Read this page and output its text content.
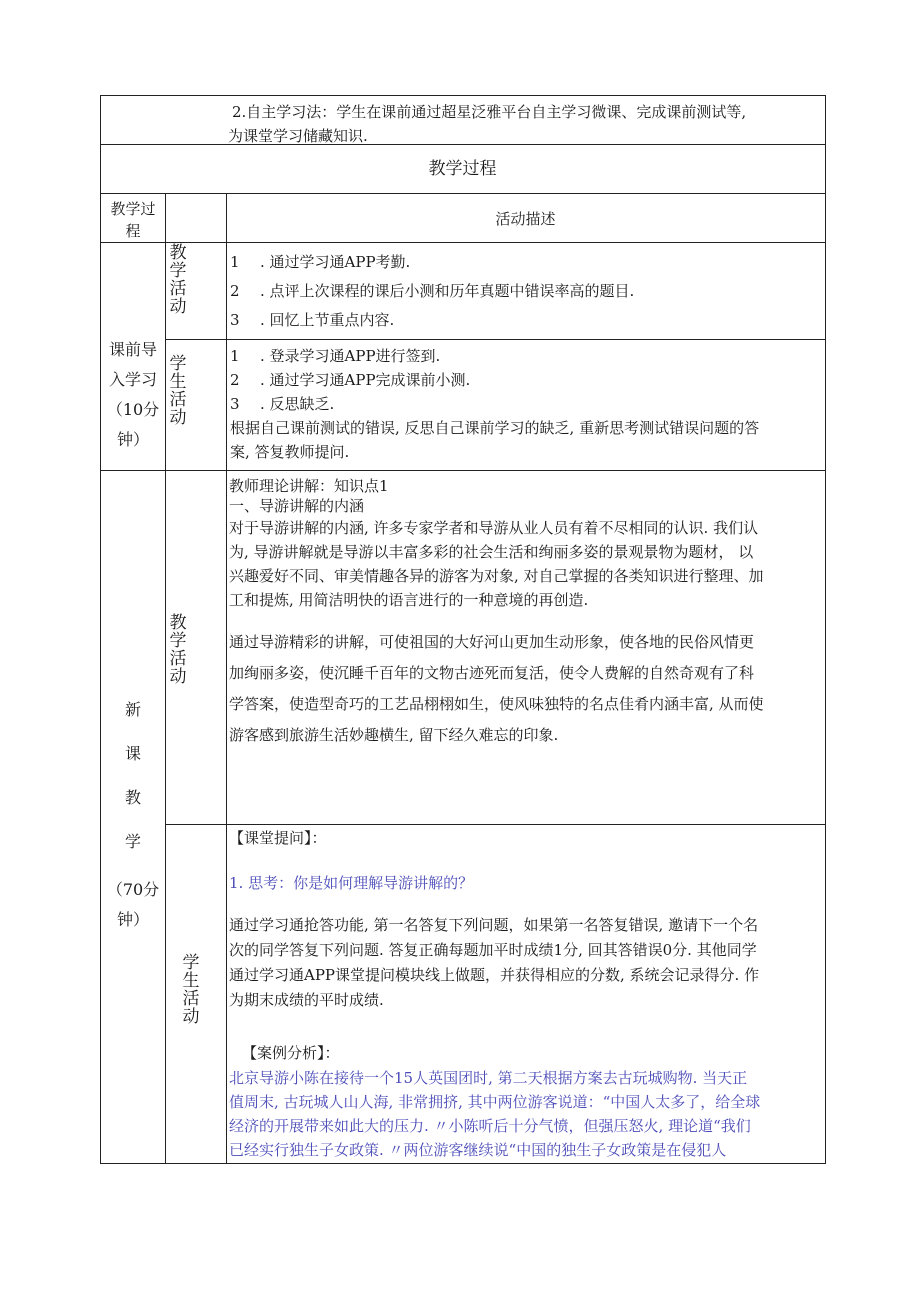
2.自主学习法：学生在课前通过超星泛雅平台自主学习微课、完成课前测试等,
为课堂学习储藏知识.
教学过程
教学过
程
活动描述
课前导
入学习
（10分
钟）
教
学
活
动
1 . 通过学习通APP考勤.
2 . 点评上次课程的课后小测和历年真题中错误率高的题目.
3 . 回忆上节重点内容.
学
生
活
动
1 . 登录学习通APP进行签到.
2 . 通过学习通APP完成课前小测.
3 . 反思缺乏.
根据自己课前测试的错误, 反思自己课前学习的缺乏, 重新思考测试错误问题的答
案, 答复教师提问.
新
课
教
学
（70分
钟）
教
学
活
动
教师理论讲解：知识点1
一、导游讲解的内涵
对于导游讲解的内涵, 许多专家学者和导游从业人员有着不尽相同的认识. 我们认
为, 导游讲解就是导游以丰富多彩的社会生活和绚丽多姿的景观景物为题材， 以
兴趣爱好不同、审美情趣各异的游客为对象, 对自己掌握的各类知识进行整理、加
工和提炼, 用简洁明快的语言进行的一种意境的再创造.
通过导游精彩的讲解，可使祖国的大好河山更加生动形象，使各地的民俗风情更
加绚丽多姿，使沉睡千百年的文物古迹死而复活，使令人费解的自然奇观有了科
学答案，使造型奇巧的工艺品栩栩如生，使风味独特的名点佳肴内涵丰富, 从而使
游客感到旅游生活妙趣横生, 留下经久难忘的印象.
学
生
活
动
【课堂提问】：
1. 思考：你是如何理解导游讲解的？
通过学习通抢答功能, 第一名答复下列问题，如果第一名答复错误, 邀请下一个名
次的同学答复下列问题. 答复正确每题加平时成绩1分, 回其答错误0分. 其他同学
通过学习通APP课堂提问模块线上做题，并获得相应的分数, 系统会记录得分. 作
为期末成绩的平时成绩.
【案例分析】：
北京导游小陈在接待一个15人英国团时, 第二天根据方案去古玩城购物. 当天正
值周末, 古玩城人山人海, 非常拥挤, 其中两位游客说道：“中国人太多了，给全球
经济的开展带来如此大的压力. 〃小陈听后十分气愤，但强压怒火, 理论道“我们
已经实行独生子女政策. 〃两位游客继续说“中国的独生子女政策是在侵犯人
